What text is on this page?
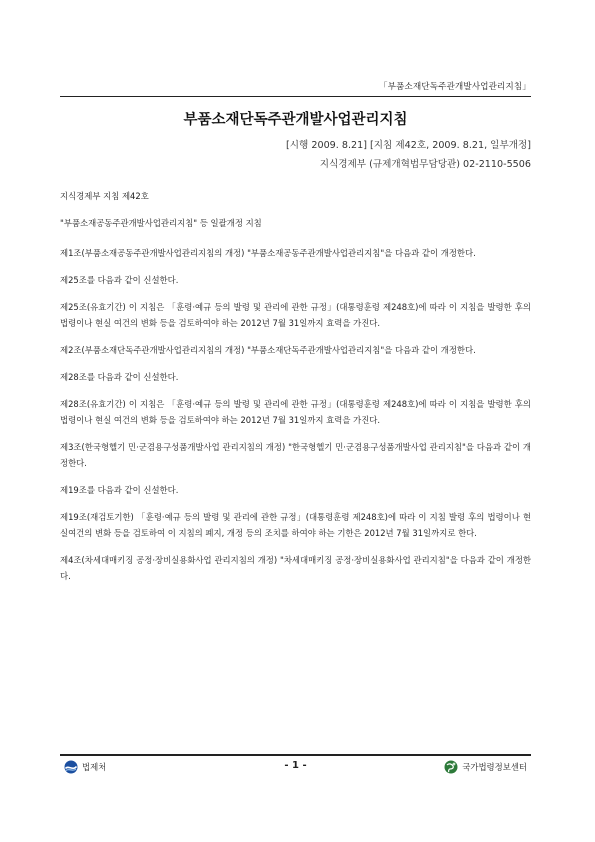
「부품소재단독주관개발사업관리지침」
부품소재단독주관개발사업관리지침
[시행 2009. 8.21] [지침 제42호, 2009. 8.21, 일부개정]
지식경제부 (규제개혁법무담당관) 02-2110-5506

지식경제부 지침 제42호

"부품소재공동주관개발사업관리지침" 등 일괄개정 지침

제1조(부품소재공동주관개발사업관리지침의 개정) "부품소재공동주관개발사업관리지침"을 다음과 같이 개정한다.

제25조를 다음과 같이 신설한다.

제25조(유효기간) 이 지침은 「훈령·예규 등의 발령 및 관리에 관한 규정」(대통령훈령 제248호)에 따라 이 지침을 발령한 후의 법령이나 현실 여건의 변화 등을 검토하여야 하는 2012년 7월 31일까지 효력을 가진다.

제2조(부품소재단독주관개발사업관리지침의 개정) "부품소재단독주관개발사업관리지침"을 다음과 같이 개정한다.

제28조를 다음과 같이 신설한다.

제28조(유효기간) 이 지침은 「훈령·예규 등의 발령 및 관리에 관한 규정」(대통령훈령 제248호)에 따라 이 지침을 발령한 후의 법령이나 현실 여건의 변화 등을 검토하여야 하는 2012년 7월 31일까지 효력을 가진다.

제3조(한국형헬기 민·군겸용구성품개발사업 관리지침의 개정) "한국형헬기 민·군겸용구성품개발사업 관리지침"을 다음과 같이 개정한다.

제19조를 다음과 같이 신설한다.

제19조(재검토기한) 「훈령·예규 등의 발령 및 관리에 관한 규정」(대통령훈령 제248호)에 따라 이 지침 발령 후의 법령이나 현실여건의 변화 등을 검토하여 이 지침의 폐지, 개정 등의 조치를 하여야 하는 기한은 2012년 7월 31일까지로 한다.

제4조(차세대매키징 공정·장비실용화사업 관리지침의 개정) "차세대매키징 공정·장비실용화사업 관리지침"을 다음과 같이 개정한다.

법제처	- 1 -	국가법령정보센터
